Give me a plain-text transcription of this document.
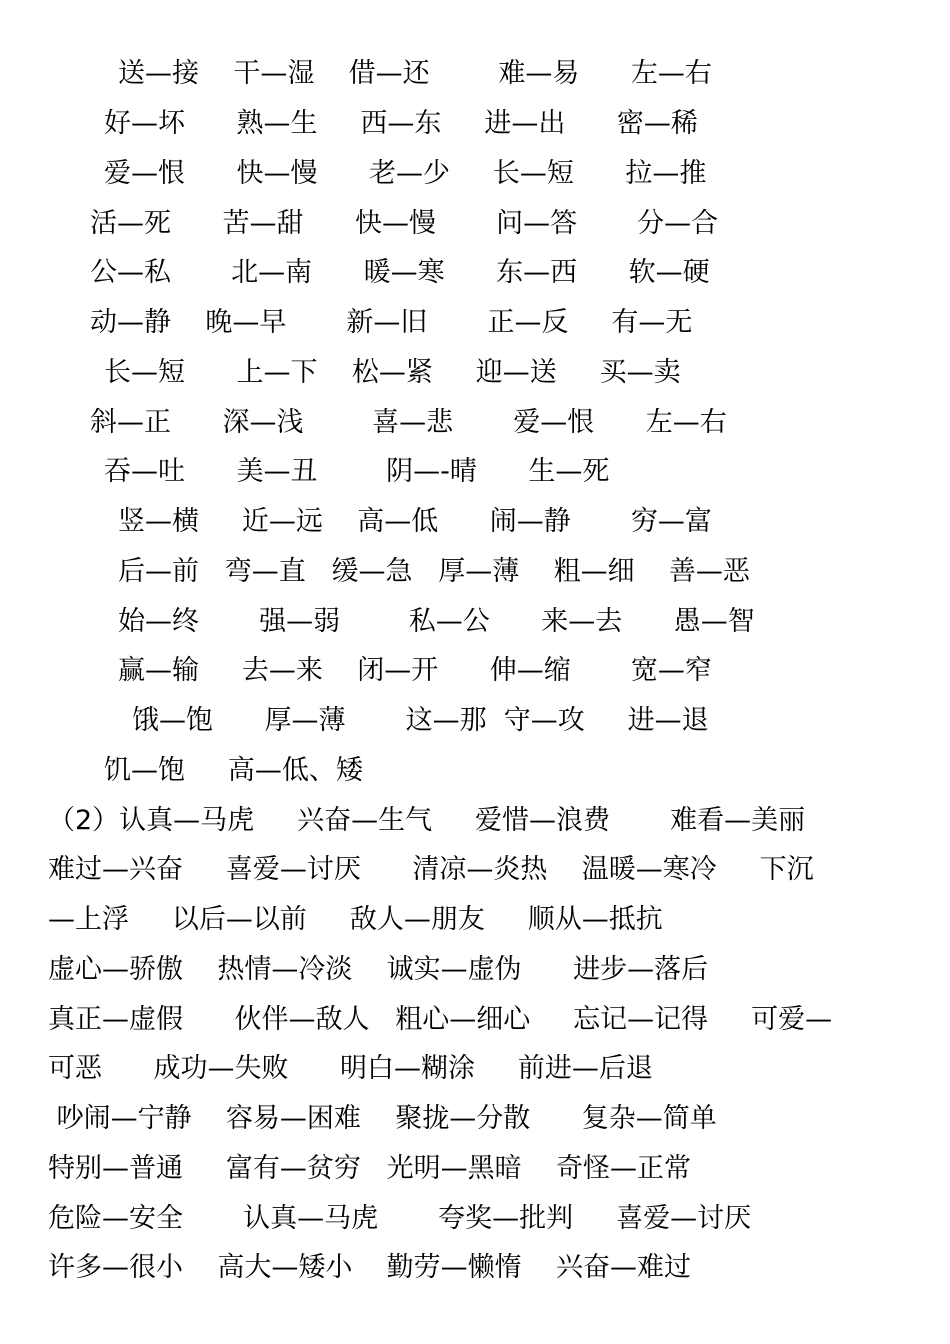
送—接    干—湿    借—还        难—易      左—右
好—坏      熟—生     西—东     进—出      密—稀
爱—恨      快—慢      老—少     长—短      拉—推
活—死      苦—甜      快—慢       问—答       分—合
公—私       北—南      暖—寒      东—西      软—硬
动—静    晚—早       新—旧       正—反     有—无
长—短      上—下    松—紧     迎—送     买—卖
斜—正      深—浅        喜—悲       爱—恨      左—右
吞—吐      美—丑        阴—-晴      生—死
竖—横     近—远    高—低      闹—静       穷—富
后—前   弯—直   缓—急   厚—薄    粗—细    善—恶
始—终       强—弱        私—公      来—去      愚—智
赢—输     去—来    闭—开      伸—缩       宽—窄
饿—饱      厚—薄       这—那  守—攻     进—退
饥—饱     高—低、矮
（2）认真—马虎     兴奋—生气     爱惜—浪费       难看—美丽
难过—兴奋     喜爱—讨厌      清凉—炎热    温暖—寒冷     下沉
—上浮     以后—以前     敌人—朋友     顺从—抵抗
虚心—骄傲    热情—冷淡    诚实—虚伪      进步—落后
真正—虚假      伙伴—敌人   粗心—细心     忘记—记得     可爱—
可恶      成功—失败      明白—糊涂     前进—后退
吵闹—宁静    容易—困难    聚拢—分散      复杂—简单
特别—普通     富有—贫穷   光明—黑暗    奇怪—正常
危险—安全       认真—马虎       夸奖—批判     喜爱—讨厌
许多—很小    高大—矮小    勤劳—懒惰    兴奋—难过
